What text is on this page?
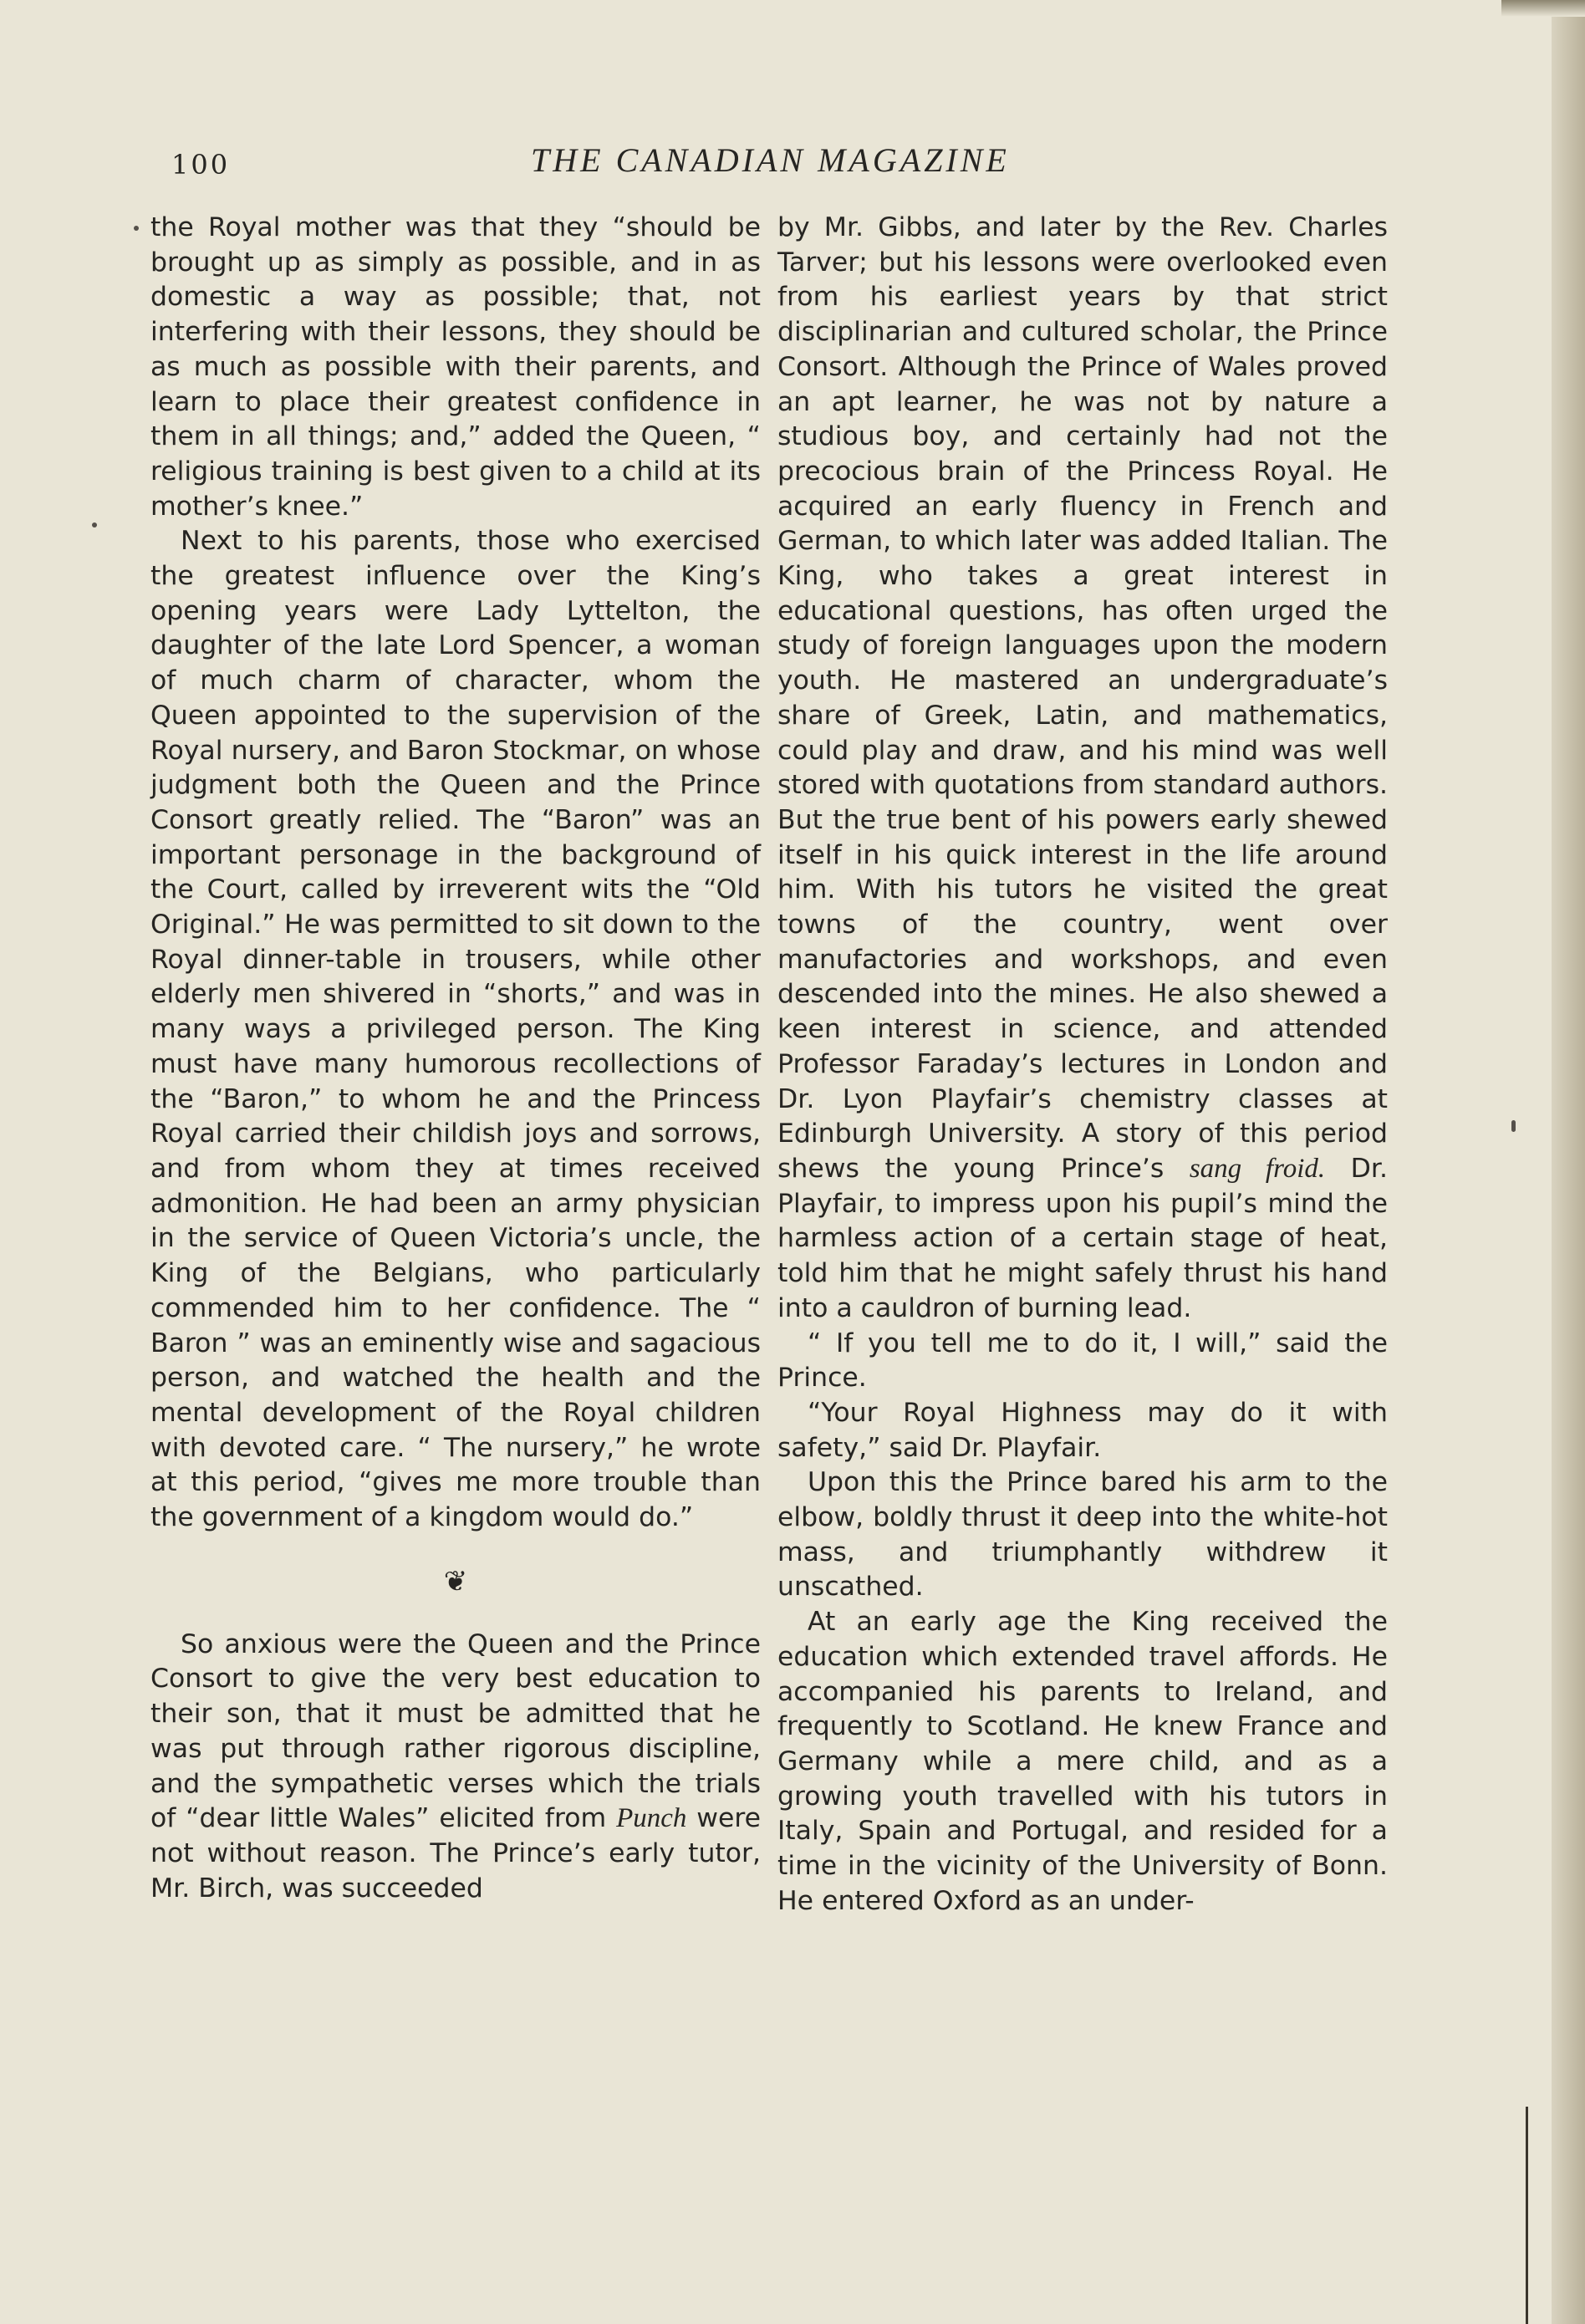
100	THE CANADIAN MAGAZINE

the Royal mother was that they “should be brought up as simply as possible, and in as domestic a way as possible; that, not interfering with their lessons, they should be as much as possible with their parents, and learn to place their greatest confidence in them in all things; and,” added the Queen, “ religious training is best given to a child at its mother’s knee.”

Next to his parents, those who exercised the greatest influence over the King’s opening years were Lady Lyttelton, the daughter of the late Lord Spencer, a woman of much charm of character, whom the Queen appointed to the supervision of the Royal nursery, and Baron Stockmar, on whose judgment both the Queen and the Prince Consort greatly relied. The “Baron” was an important personage in the background of the Court, called by irreverent wits the “Old Original.” He was permitted to sit down to the Royal dinner-table in trousers, while other elderly men shivered in “shorts,” and was in many ways a privileged person. The King must have many humorous recollections of the “Baron,” to whom he and the Princess Royal carried their childish joys and sorrows, and from whom they at times received admonition. He had been an army physician in the service of Queen Victoria’s uncle, the King of the Belgians, who particularly commended him to her confidence. The “ Baron ” was an eminently wise and sagacious person, and watched the health and the mental development of the Royal children with devoted care. “ The nursery,” he wrote at this period, “gives me more trouble than the government of a kingdom would do.”

❦

So anxious were the Queen and the Prince Consort to give the very best education to their son, that it must be admitted that he was put through rather rigorous discipline, and the sympathetic verses which the trials of “dear little Wales” elicited from Punch were not without reason. The Prince’s early tutor, Mr. Birch, was succeeded

by Mr. Gibbs, and later by the Rev. Charles Tarver; but his lessons were overlooked even from his earliest years by that strict disciplinarian and cultured scholar, the Prince Consort. Although the Prince of Wales proved an apt learner, he was not by nature a studious boy, and certainly had not the precocious brain of the Princess Royal. He acquired an early fluency in French and German, to which later was added Italian. The King, who takes a great interest in educational questions, has often urged the study of foreign languages upon the modern youth. He mastered an undergraduate’s share of Greek, Latin, and mathematics, could play and draw, and his mind was well stored with quotations from standard authors. But the true bent of his powers early shewed itself in his quick interest in the life around him. With his tutors he visited the great towns of the country, went over manufactories and workshops, and even descended into the mines. He also shewed a keen interest in science, and attended Professor Faraday’s lectures in London and Dr. Lyon Playfair’s chemistry classes at Edinburgh University. A story of this period shews the young Prince’s sang froid. Dr. Playfair, to impress upon his pupil’s mind the harmless action of a certain stage of heat, told him that he might safely thrust his hand into a cauldron of burning lead.

“ If you tell me to do it, I will,” said the Prince.

“Your Royal Highness may do it with safety,” said Dr. Playfair.

Upon this the Prince bared his arm to the elbow, boldly thrust it deep into the white-hot mass, and triumphantly withdrew it unscathed.

At an early age the King received the education which extended travel affords. He accompanied his parents to Ireland, and frequently to Scotland. He knew France and Germany while a mere child, and as a growing youth travelled with his tutors in Italy, Spain and Portugal, and resided for a time in the vicinity of the University of Bonn. He entered Oxford as an under-
